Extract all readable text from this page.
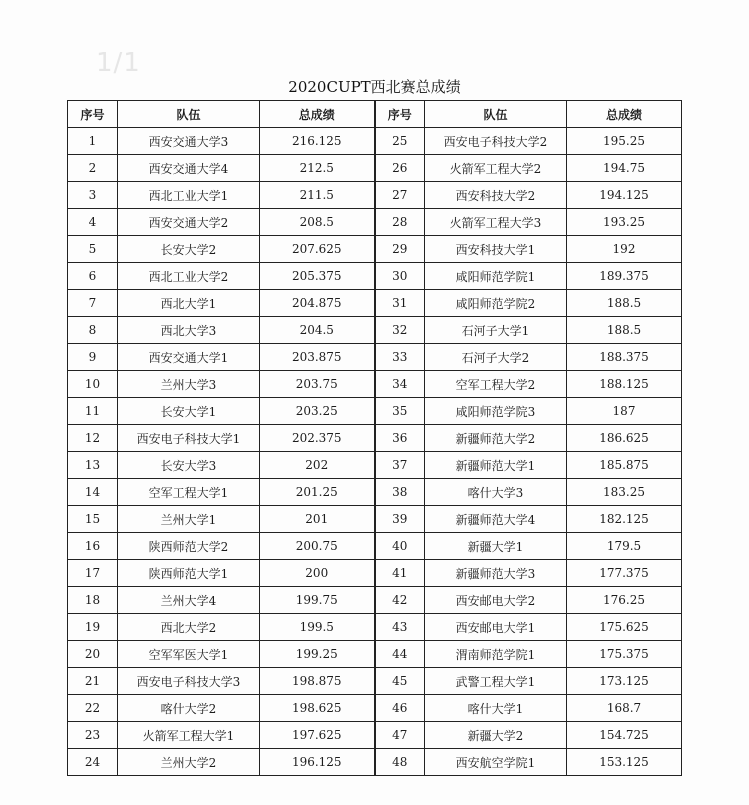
1/1
2020CUPT西北赛总成绩
序号	队伍	总成绩	序号	队伍	总成绩
1	西安交通大学3	216.125	25	西安电子科技大学2	195.25
2	西安交通大学4	212.5	26	火箭军工程大学2	194.75
3	西北工业大学1	211.5	27	西安科技大学2	194.125
4	西安交通大学2	208.5	28	火箭军工程大学3	193.25
5	长安大学2	207.625	29	西安科技大学1	192
6	西北工业大学2	205.375	30	咸阳师范学院1	189.375
7	西北大学1	204.875	31	咸阳师范学院2	188.5
8	西北大学3	204.5	32	石河子大学1	188.5
9	西安交通大学1	203.875	33	石河子大学2	188.375
10	兰州大学3	203.75	34	空军工程大学2	188.125
11	长安大学1	203.25	35	咸阳师范学院3	187
12	西安电子科技大学1	202.375	36	新疆师范大学2	186.625
13	长安大学3	202	37	新疆师范大学1	185.875
14	空军工程大学1	201.25	38	喀什大学3	183.25
15	兰州大学1	201	39	新疆师范大学4	182.125
16	陕西师范大学2	200.75	40	新疆大学1	179.5
17	陕西师范大学1	200	41	新疆师范大学3	177.375
18	兰州大学4	199.75	42	西安邮电大学2	176.25
19	西北大学2	199.5	43	西安邮电大学1	175.625
20	空军军医大学1	199.25	44	渭南师范学院1	175.375
21	西安电子科技大学3	198.875	45	武警工程大学1	173.125
22	喀什大学2	198.625	46	喀什大学1	168.7
23	火箭军工程大学1	197.625	47	新疆大学2	154.725
24	兰州大学2	196.125	48	西安航空学院1	153.125
